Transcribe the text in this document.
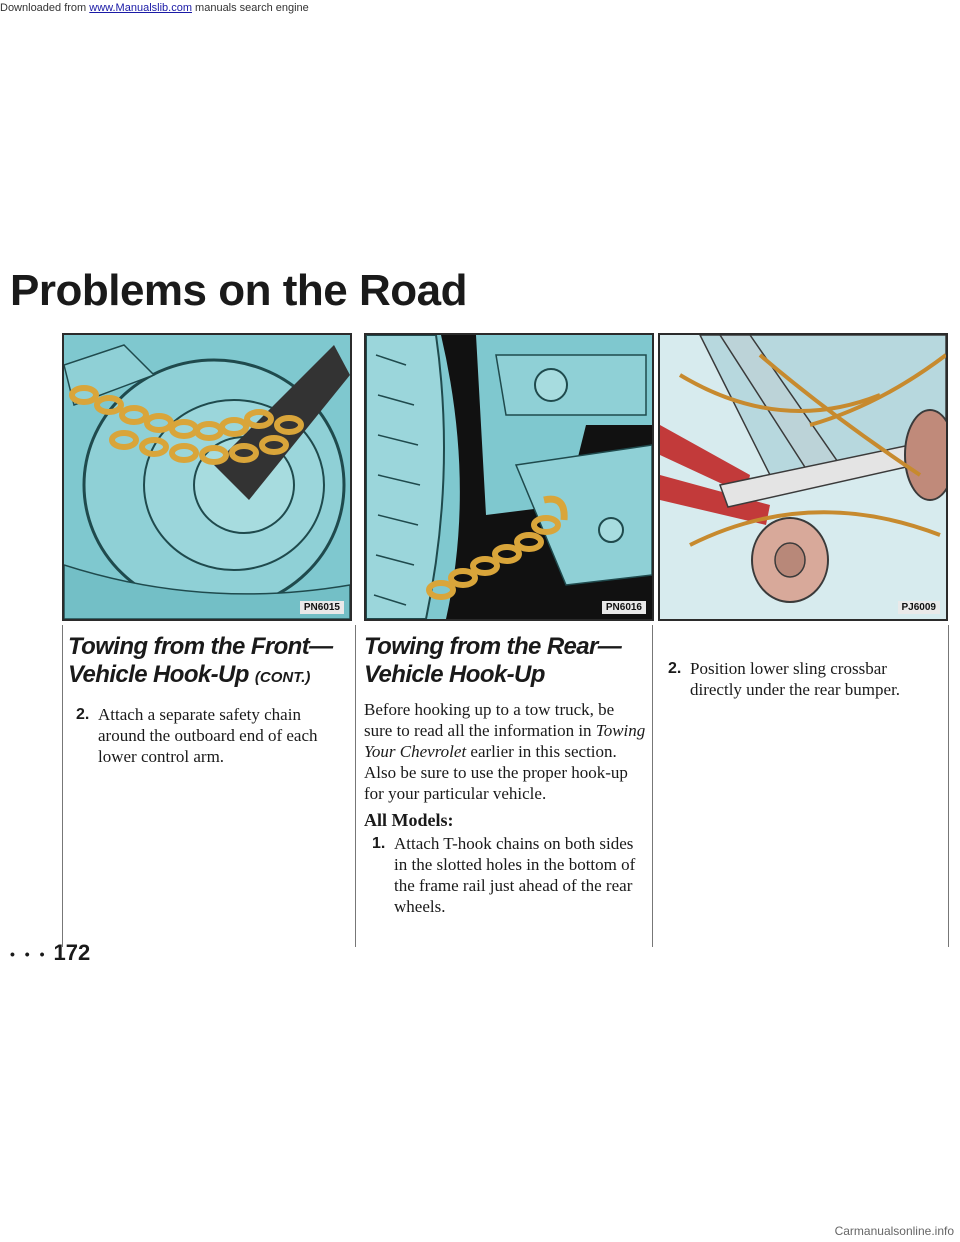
Downloaded from www.Manualslib.com manuals search engine
Problems on the Road
PN6015	PN6016	PJ6009
Towing from the Front—
Vehicle Hook-Up (CONT.)

2. Attach a separate safety chain around the outboard end of each lower control arm.

Towing from the Rear—
Vehicle Hook-Up

Before hooking up to a tow truck, be sure to read all the information in Towing Your Chevrolet earlier in this section. Also be sure to use the proper hook-up for your particular vehicle.

All Models:

1. Attach T-hook chains on both sides in the slotted holes in the bottom of the frame rail just ahead of the rear wheels.

2. Position lower sling crossbar directly under the rear bumper.

• • • 172
Carmanualsonline.info
